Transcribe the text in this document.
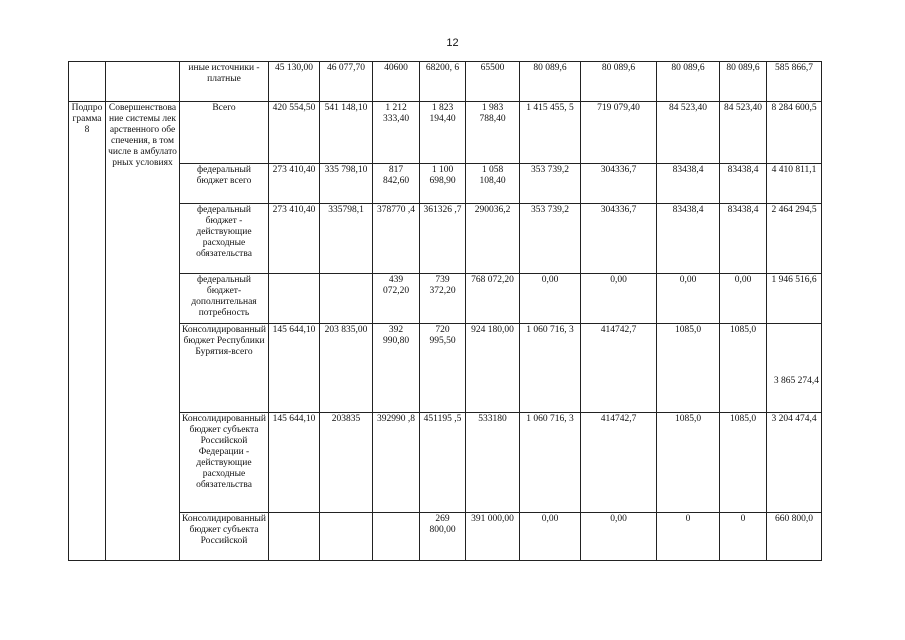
12
		иные источники - платные	45 130,00	46 077,70	40600	68200, 6	65500	80 089,6	80 089,6	80 089,6	80 089,6	585 866,7
Подпрограмма 8	Совершенствование системы лекарственного обеспечения, в том числе в амбулаторных условиях	Всего	420 554,50	541 148,10	1 212 333,40	1 823 194,40	1 983 788,40	1 415 455, 5	719 079,40	84 523,40	84 523,40	8 284 600,5
		федеральный бюджет всего	273 410,40	335 798,10	817 842,60	1 100 698,90	1 058 108,40	353 739,2	304336,7	83438,4	83438,4	4 410 811,1
		федеральный бюджет - действующие расходные обязательства	273 410,40	335798,1	378770 ,4	361326 ,7	290036,2	353 739,2	304336,7	83438,4	83438,4	2 464 294,5
		федеральный бюджет- дополнительная потребность			439 072,20	739 372,20	768 072,20	0,00	0,00	0,00	0,00	1 946 516,6
		Консолидированный бюджет Республики Бурятия-всего	145 644,10	203 835,00	392 990,80	720 995,50	924 180,00	1 060 716, 3	414742,7	1085,0	1085,0	3 865 274,4
		Консолидированный бюджет субъекта Российской Федерации - действующие расходные обязательства	145 644,10	203835	392990 ,8	451195 ,5	533180	1 060 716, 3	414742,7	1085,0	1085,0	3 204 474,4
		Консолидированный бюджет субъекта Российской				269 800,00	391 000,00	0,00	0,00	0	0	660 800,0
